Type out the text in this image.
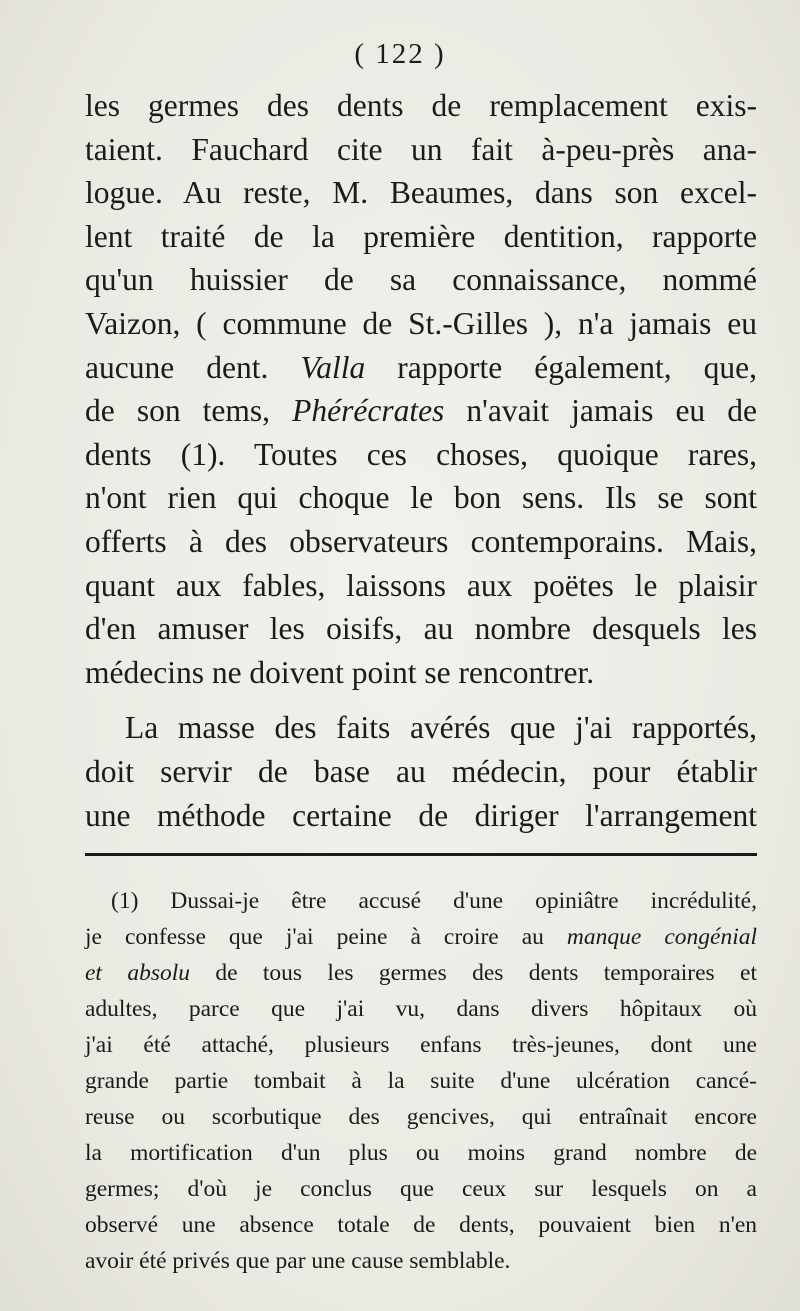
( 122 )
les germes des dents de remplacement exis-
taient. Fauchard cite un fait à-peu-près ana-
logue. Au reste, M. Beaumes, dans son excel-
lent traité de la première dentition, rapporte
qu'un huissier de sa connaissance, nommé
Vaizon, ( commune de St.-Gilles ), n'a jamais eu
aucune dent. Valla rapporte également, que,
de son tems, Phérécrates n'avait jamais eu de
dents (1). Toutes ces choses, quoique rares,
n'ont rien qui choque le bon sens. Ils se sont
offerts à des observateurs contemporains. Mais,
quant aux fables, laissons aux poëtes le plaisir
d'en amuser les oisifs, au nombre desquels les
médecins ne doivent point se rencontrer.
La masse des faits avérés que j'ai rapportés,
doit servir de base au médecin, pour établir
une méthode certaine de diriger l'arrangement
(1) Dussai-je être accusé d'une opiniâtre incrédulité,
je confesse que j'ai peine à croire au manque congénial
et absolu de tous les germes des dents temporaires et
adultes, parce que j'ai vu, dans divers hôpitaux où
j'ai été attaché, plusieurs enfans très-jeunes, dont une
grande partie tombait à la suite d'une ulcération cancé-
reuse ou scorbutique des gencives, qui entraînait encore
la mortification d'un plus ou moins grand nombre de
germes; d'où je conclus que ceux sur lesquels on a
observé une absence totale de dents, pouvaient bien n'en
avoir été privés que par une cause semblable.
